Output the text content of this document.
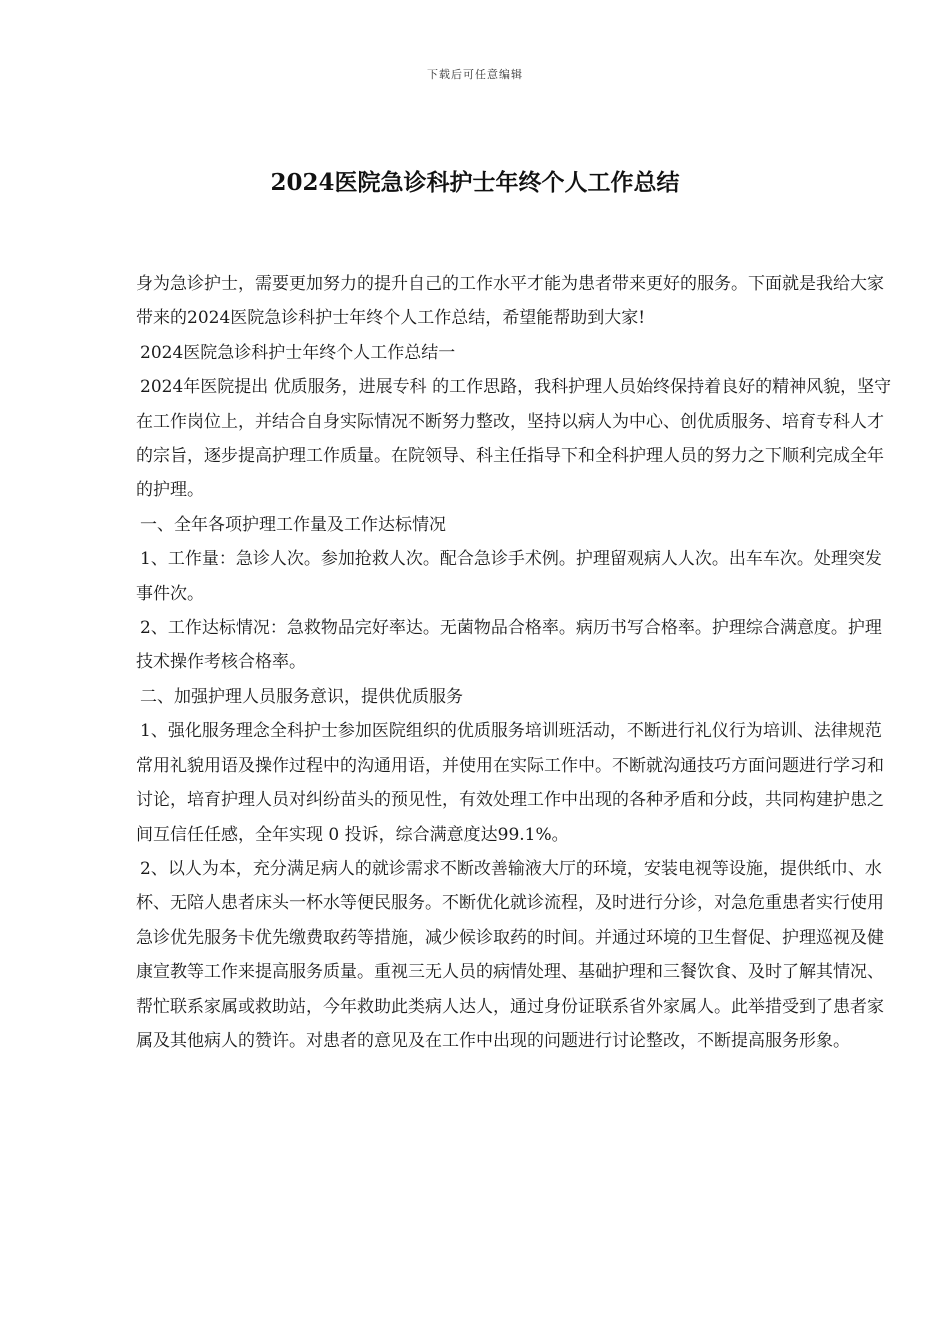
下载后可任意编辑
2024医院急诊科护士年终个人工作总结

身为急诊护士，需要更加努力的提升自己的工作水平才能为患者带来更好的服务。下面就是我给大家带来的2024医院急诊科护士年终个人工作总结，希望能帮助到大家!

2024医院急诊科护士年终个人工作总结一

2024年医院提出 优质服务，进展专科 的工作思路，我科护理人员始终保持着良好的精神风貌，坚守在工作岗位上，并结合自身实际情况不断努力整改，坚持以病人为中心、创优质服务、培育专科人才的宗旨，逐步提高护理工作质量。在院领导、科主任指导下和全科护理人员的努力之下顺利完成全年的护理。

一、全年各项护理工作量及工作达标情况

1、工作量：急诊人次。参加抢救人次。配合急诊手术例。护理留观病人人次。出车车次。处理突发事件次。

2、工作达标情况：急救物品完好率达。无菌物品合格率。病历书写合格率。护理综合满意度。护理技术操作考核合格率。

二、加强护理人员服务意识，提供优质服务

1、强化服务理念全科护士参加医院组织的优质服务培训班活动，不断进行礼仪行为培训、法律规范常用礼貌用语及操作过程中的沟通用语，并使用在实际工作中。不断就沟通技巧方面问题进行学习和讨论，培育护理人员对纠纷苗头的预见性，有效处理工作中出现的各种矛盾和分歧，共同构建护患之间互信任任感，全年实现 0 投诉，综合满意度达99.1%。

2、以人为本，充分满足病人的就诊需求不断改善输液大厅的环境，安装电视等设施，提供纸巾、水杯、无陪人患者床头一杯水等便民服务。不断优化就诊流程，及时进行分诊，对急危重患者实行使用急诊优先服务卡优先缴费取药等措施，减少候诊取药的时间。并通过环境的卫生督促、护理巡视及健康宣教等工作来提高服务质量。重视三无人员的病情处理、基础护理和三餐饮食、及时了解其情况、帮忙联系家属或救助站，今年救助此类病人达人，通过身份证联系省外家属人。此举措受到了患者家属及其他病人的赞许。对患者的意见及在工作中出现的问题进行讨论整改，不断提高服务形象。
